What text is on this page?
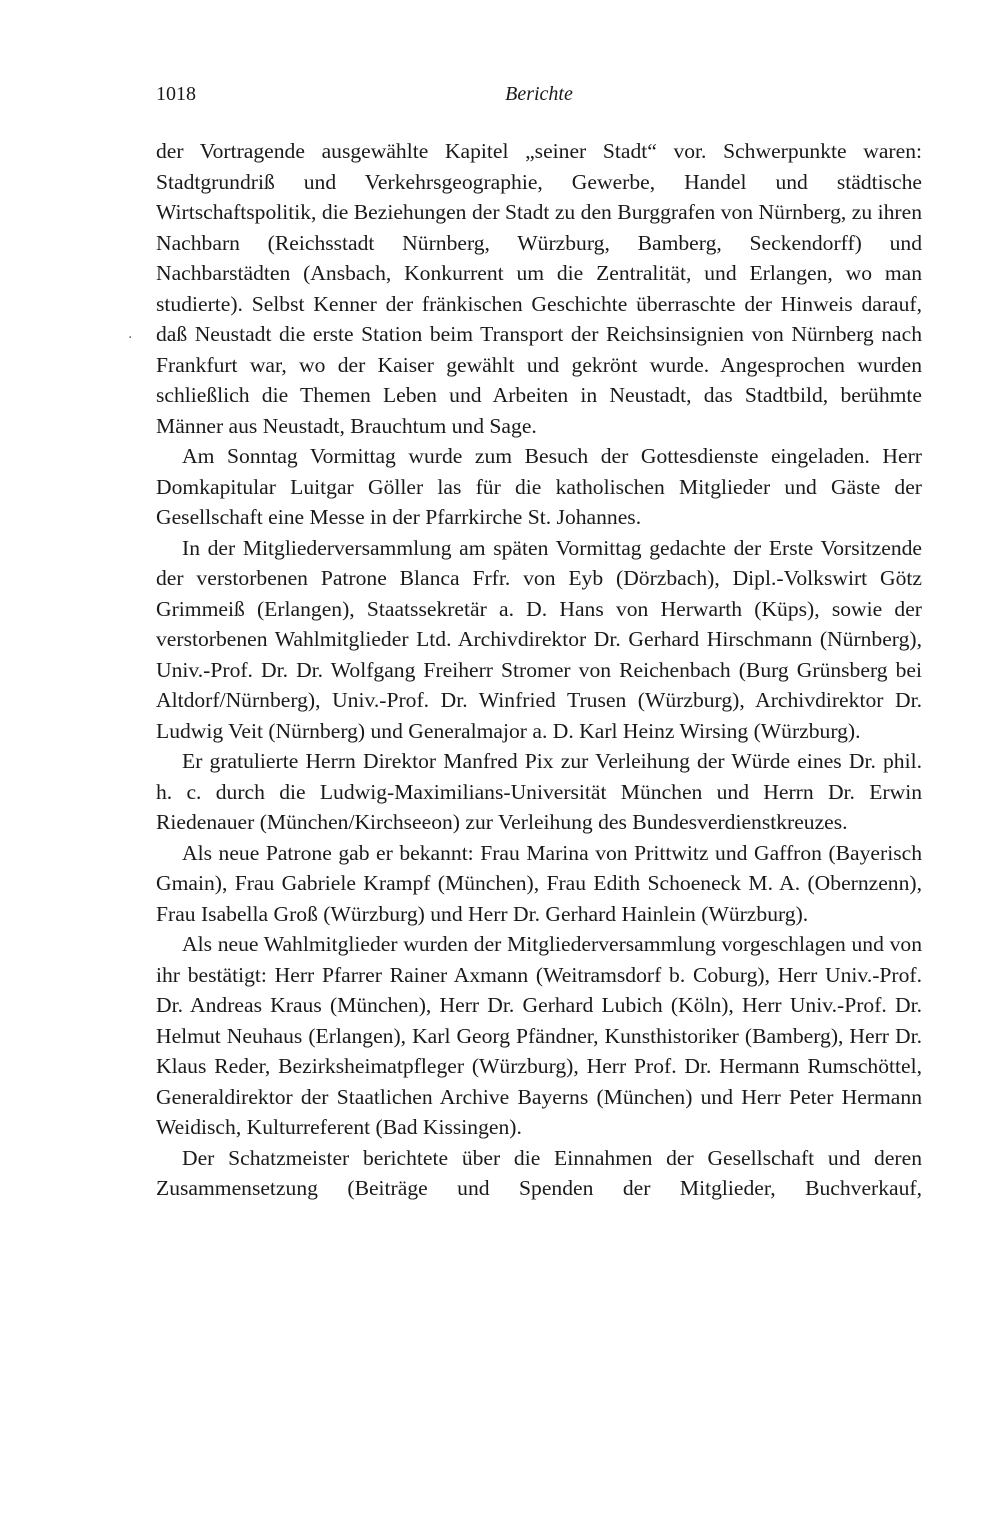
1018	Berichte
·

der Vortragende ausgewählte Kapitel „seiner Stadt“ vor. Schwerpunkte waren: Stadtgrundriß und Verkehrsgeographie, Gewerbe, Handel und städtische Wirtschaftspolitik, die Beziehungen der Stadt zu den Burggrafen von Nürnberg, zu ihren Nachbarn (Reichsstadt Nürnberg, Würzburg, Bamberg, Seckendorff) und Nachbarstädten (Ansbach, Konkurrent um die Zentralität, und Erlangen, wo man studierte). Selbst Kenner der fränkischen Geschichte überraschte der Hinweis darauf, daß Neustadt die erste Station beim Transport der Reichsinsignien von Nürnberg nach Frankfurt war, wo der Kaiser gewählt und gekrönt wurde. Angesprochen wurden schließlich die Themen Leben und Arbeiten in Neustadt, das Stadtbild, berühmte Männer aus Neustadt, Brauchtum und Sage.

Am Sonntag Vormittag wurde zum Besuch der Gottesdienste eingeladen. Herr Domkapitular Luitgar Göller las für die katholischen Mitglieder und Gäste der Gesellschaft eine Messe in der Pfarrkirche St. Johannes.

In der Mitgliederversammlung am späten Vormittag gedachte der Erste Vorsitzende der verstorbenen Patrone Blanca Frfr. von Eyb (Dörzbach), Dipl.-Volkswirt Götz Grimmeiß (Erlangen), Staatssekretär a. D. Hans von Herwarth (Küps), sowie der verstorbenen Wahlmitglieder Ltd. Archivdirektor Dr. Gerhard Hirschmann (Nürnberg), Univ.-Prof. Dr. Dr. Wolfgang Freiherr Stromer von Reichenbach (Burg Grünsberg bei Altdorf/Nürnberg), Univ.-Prof. Dr. Winfried Trusen (Würzburg), Archivdirektor Dr. Ludwig Veit (Nürnberg) und Generalmajor a. D. Karl Heinz Wirsing (Würzburg).

Er gratulierte Herrn Direktor Manfred Pix zur Verleihung der Würde eines Dr. phil. h. c. durch die Ludwig-Maximilians-Universität München und Herrn Dr. Erwin Riedenauer (München/Kirchseeon) zur Verleihung des Bundesverdienstkreuzes.

Als neue Patrone gab er bekannt: Frau Marina von Prittwitz und Gaffron (Bayerisch Gmain), Frau Gabriele Krampf (München), Frau Edith Schoeneck M. A. (Obernzenn), Frau Isabella Groß (Würzburg) und Herr Dr. Gerhard Hainlein (Würzburg).

Als neue Wahlmitglieder wurden der Mitgliederversammlung vorgeschlagen und von ihr bestätigt: Herr Pfarrer Rainer Axmann (Weitramsdorf b. Coburg), Herr Univ.-Prof. Dr. Andreas Kraus (München), Herr Dr. Gerhard Lubich (Köln), Herr Univ.-Prof. Dr. Helmut Neuhaus (Erlangen), Karl Georg Pfändner, Kunsthistoriker (Bamberg), Herr Dr. Klaus Reder, Bezirksheimatpfleger (Würzburg), Herr Prof. Dr. Hermann Rumschöttel, Generaldirektor der Staatlichen Archive Bayerns (München) und Herr Peter Hermann Weidisch, Kulturreferent (Bad Kissingen).

Der Schatzmeister berichtete über die Einnahmen der Gesellschaft und deren Zusammensetzung (Beiträge und Spenden der Mitglieder, Buchverkauf,
